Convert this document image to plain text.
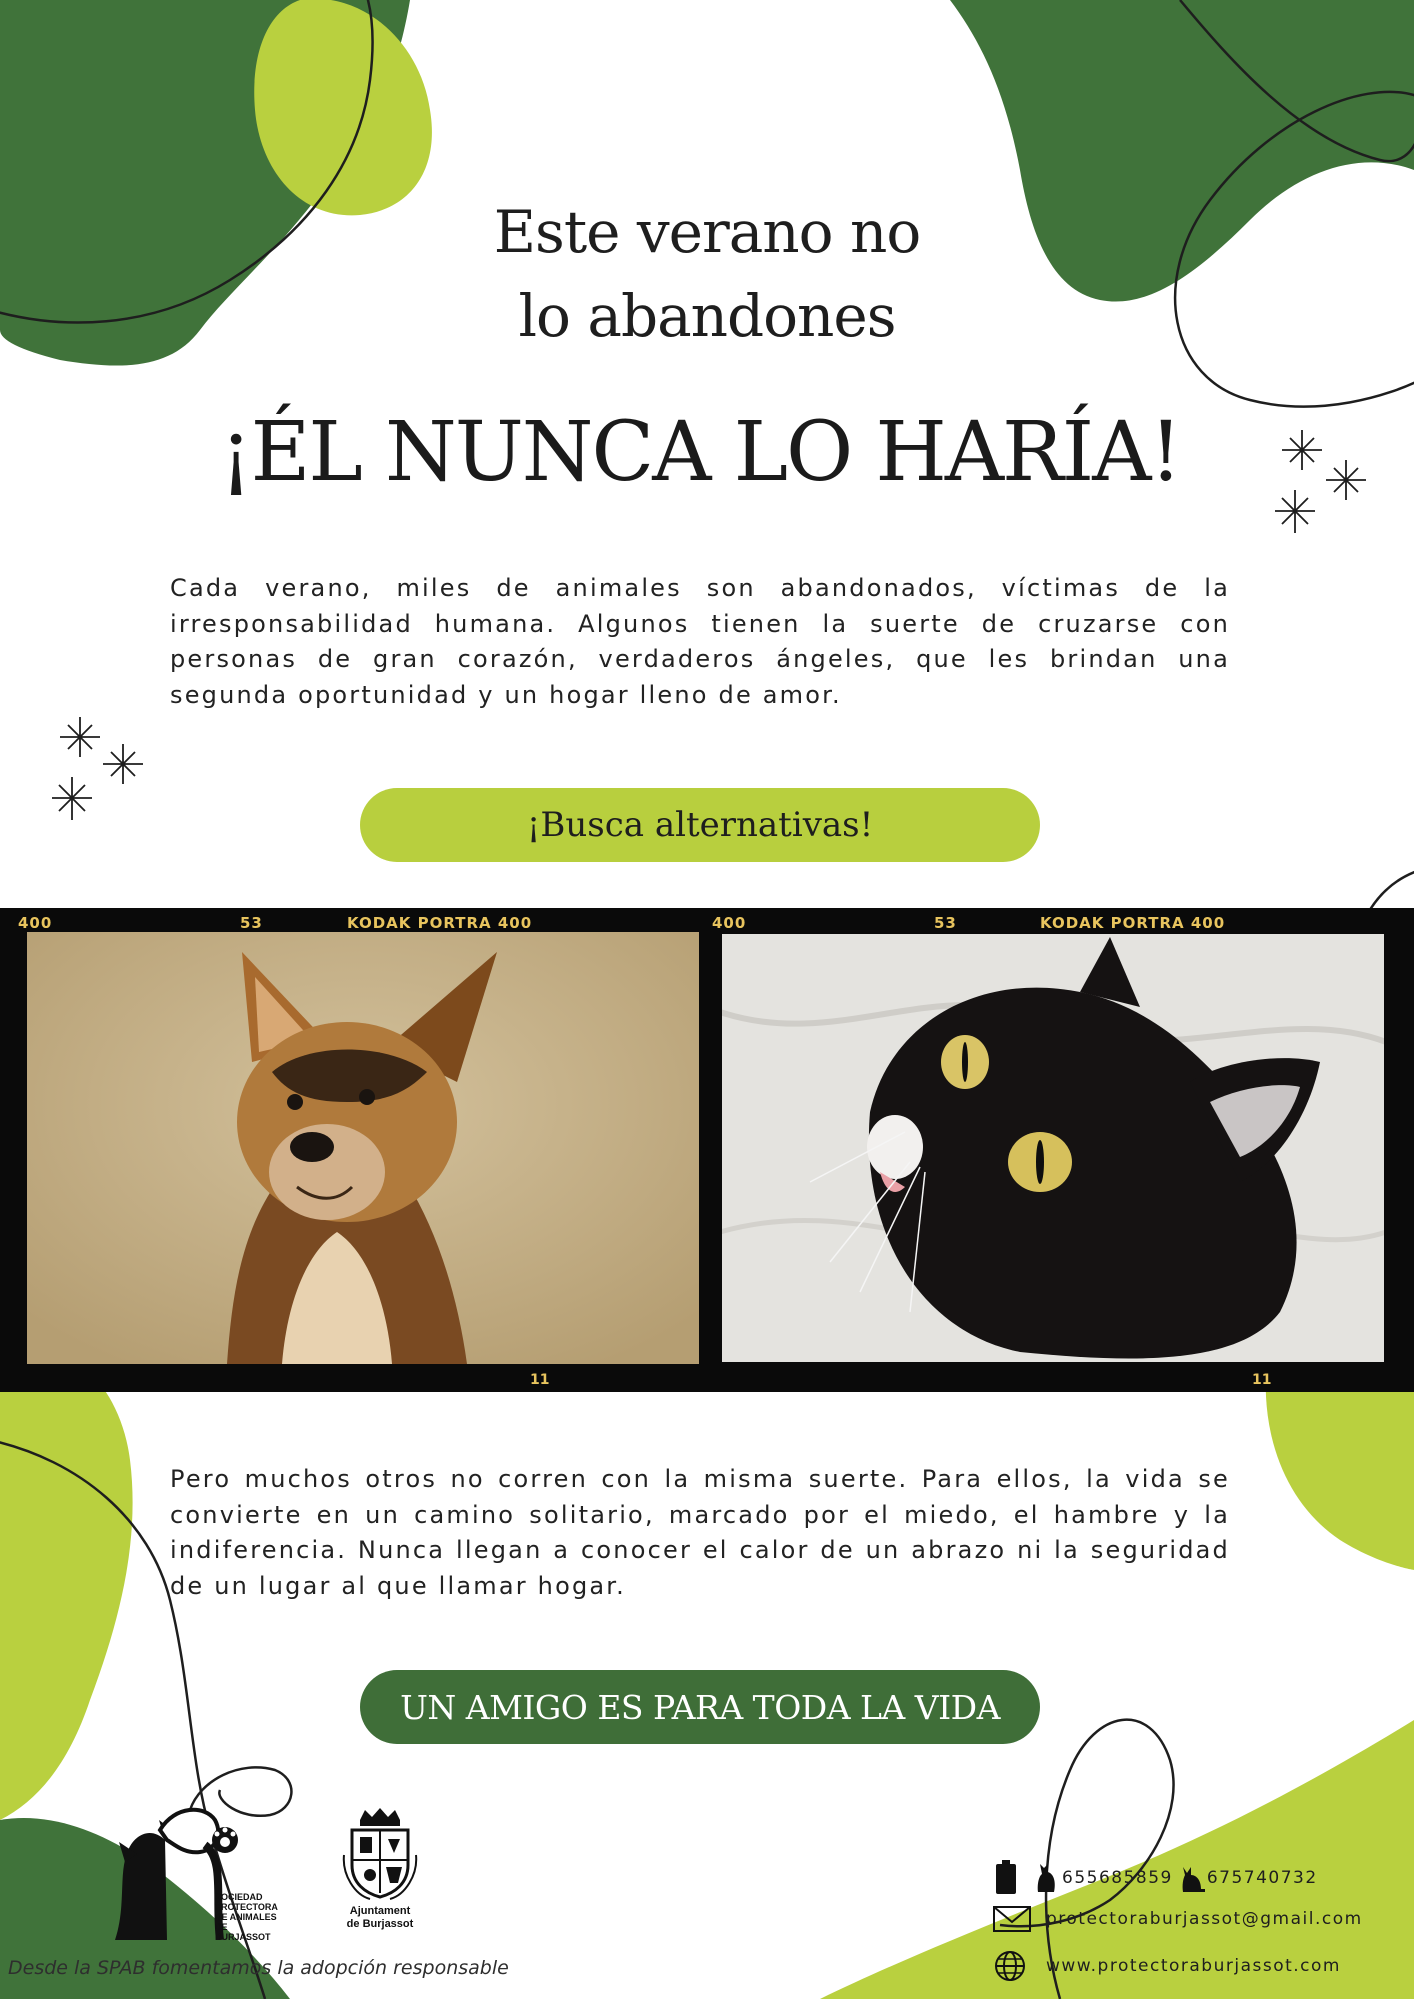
Este verano no
lo abandones
¡ÉL NUNCA LO HARÍA!
Cada verano, miles de animales son abandonados, víctimas de la irresponsabilidad humana. Algunos tienen la suerte de cruzarse con personas de gran corazón, verdaderos ángeles, que les brindan una segunda oportunidad y un hogar lleno de amor.
¡Busca alternativas!
400	53	KODAK PORTRA 400	400	53	KODAK PORTRA 400
11	11
Pero muchos otros no corren con la misma suerte. Para ellos, la vida se convierte en un camino solitario, marcado por el miedo, el hambre y la indiferencia. Nunca llegan a conocer el calor de un abrazo ni la seguridad de un lugar al que llamar hogar.
UN AMIGO ES PARA TODA LA VIDA
SOCIEDAD
PROTECTORA
DE ANIMALES
DE BURJASSOT
Ajuntament
de Burjassot
655685859 675740732
protectoraburjassot@gmail.com
www.protectoraburjassot.com
Desde la SPAB fomentamos la adopción responsable
